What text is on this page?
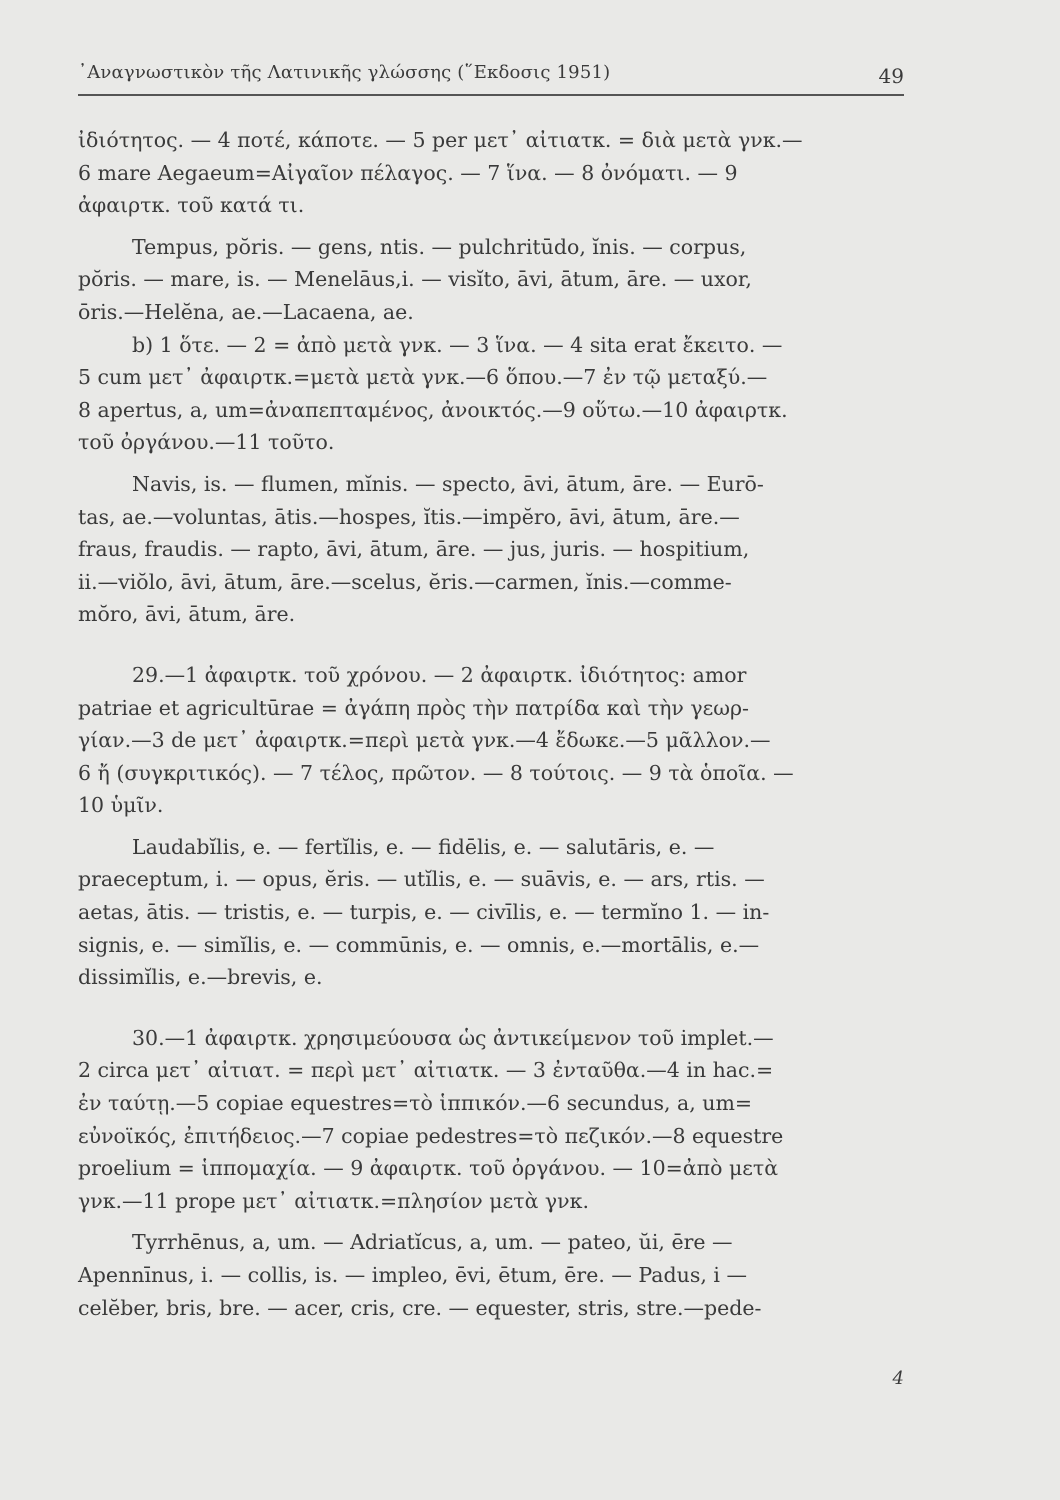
᾿Αναγνωστικὸν τῆς Λατινικῆς γλώσσης (῞Εκδοσις 1951)	49

ἰδιότητος. — 4 ποτέ, κάποτε. — 5 per μετ᾿ αἰτιατκ. = διὰ μετὰ γνκ.—
6 mare Aegaeum=Αἰγαῖον πέλαγος. — 7 ἵνα. — 8 ὀνόματι. — 9
ἀφαιρτκ. τοῦ κατά τι.

Tempus, pŏris. — gens, ntis. — pulchritūdo, ĭnis. — corpus,
pŏris. — mare, is. — Menelāus,i. — visĭto, āvi, ātum, āre. — uxor,
ōris.—Helĕna, ae.—Lacaena, ae.

b) 1 ὅτε. — 2 = ἀπὸ μετὰ γνκ. — 3 ἵνα. — 4 sita erat ἔκειτο. —
5 cum μετ᾿ ἀφαιρτκ.=μετὰ μετὰ γνκ.—6 ὅπου.—7 ἐν τῷ μεταξύ.—
8 apertus, a, um=ἀναπεπταμένος, ἀνοικτός.—9 οὕτω.—10 ἀφαιρτκ.
τοῦ ὀργάνου.—11 τοῦτο.

Navis, is. — flumen, mĭnis. — specto, āvi, ātum, āre. — Eurō-
tas, ae.—voluntas, ātis.—hospes, ĭtis.—impĕro, āvi, ātum, āre.—
fraus, fraudis. — rapto, āvi, ātum, āre. — jus, juris. — hospitium,
ii.—viŏlo, āvi, ātum, āre.—scelus, ĕris.—carmen, ĭnis.—comme-
mŏro, āvi, ātum, āre.

29.—1 ἀφαιρτκ. τοῦ χρόνου. — 2 ἀφαιρτκ. ἰδιότητος: amor
patriae et agricultūrae = ἀγάπη πρὸς τὴν πατρίδα καὶ τὴν γεωρ-
γίαν.—3 de μετ᾿ ἀφαιρτκ.=περὶ μετὰ γνκ.—4 ἔδωκε.—5 μᾶλλον.—
6 ἤ (συγκριτικός). — 7 τέλος, πρῶτον. — 8 τούτοις. — 9 τὰ ὁποῖα. —
10 ὑμῖν.

Laudabĭlis, e. — fertĭlis, e. — fidēlis, e. — salutāris, e. —
praeceptum, i. — opus, ĕris. — utĭlis, e. — suāvis, e. — ars, rtis. —
aetas, ātis. — tristis, e. — turpis, e. — civīlis, e. — termĭno 1. — in-
signis, e. — simĭlis, e. — commūnis, e. — omnis, e.—mortālis, e.—
dissimĭlis, e.—brevis, e.

30.—1 ἀφαιρτκ. χρησιμεύουσα ὡς ἀντικείμενον τοῦ implet.—
2 circa μετ᾿ αἰτιατ. = περὶ μετ᾿ αἰτιατκ. — 3 ἐνταῦθα.—4 in hac.=
ἐν ταύτῃ.—5 copiae equestres=τὸ ἱππικόν.—6 secundus, a, um=
εὐνοϊκός, ἐπιτήδειος.—7 copiae pedestres=τὸ πεζικόν.—8 equestre
proelium = ἱππομαχία. — 9 ἀφαιρτκ. τοῦ ὀργάνου. — 10=ἀπὸ μετὰ
γνκ.—11 prope μετ᾿ αἰτιατκ.=πλησίον μετὰ γνκ.

Tyrrhēnus, a, um. — Adriatĭcus, a, um. — pateo, ŭi, ēre —
Apennīnus, i. — collis, is. — impleo, ēvi, ētum, ēre. — Padus, i —
celĕber, bris, bre. — acer, cris, cre. — equester, stris, stre.—pede-

4
